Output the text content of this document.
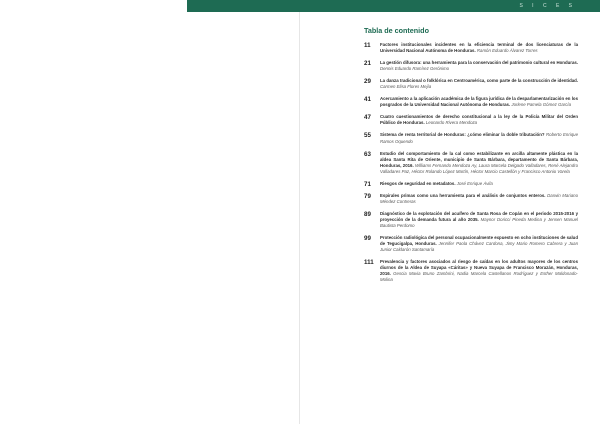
S I C E S
Tabla de contenido
11	Factores institucionales incidentes en la eficiencia terminal de dos licenciaturas de la Universidad Nacional Autónoma de Honduras. Ramón Eduardo Álvarez Torres
21	La gestión difusora: una herramienta para la conservación del patrimonio cultural en Honduras. Dennis Eduardo Ramírez Gerónimo
29	La danza tradicional o folklórica en Centroamérica, como parte de la construcción de identidad. Carmen Elisa Flores Mejía
41	Acercamiento a la aplicación académica de la figura jurídica de la desparlamentarización en los posgrados de la Universidad Nacional Autónoma de Honduras. Jorlene Pamela Gómez García
47	Cuatro cuestionamientos de derecho constitucional a la ley de la Policía Militar del Orden Público de Honduras. Leonardo Rivera Mendoza
55	Sistema de renta territorial de Honduras: ¿cómo eliminar la doble tributación? Roberto Enrique Ramos Oquendo
63	Estudio del comportamiento de la cal como estabilizante en arcilla altamente plástica en la aldea Santa Rita de Oriente, municipio de Santa Bárbara, departamento de Santa Bárbara, Honduras, 2016. Williams Fernando Mendoza Ay, Laura Marcela Delgado Valladares, René Alejandro Valladares Paz, Héctor Rolando López Martín, Héctor Marcio Castellón y Francisco Antonio Varela
71	Riesgos de seguridad en metadatos. José Enrique Ávila
79	Espirales primas como una herramienta para el análisis de conjuntos enteros. Darwin Mariano Méndez Contreras
89	Diagnóstico de la explotación del acuífero de Santa Rosa de Copán en el periodo 2015-2016 y proyección de la demanda futura al año 2035. Maynor Doricci Pineda Medina y Jensen Manuel Bautista Perdomo
99	Protección radiológica del personal ocupacionalmente expuesto en ocho instituciones de salud de Tegucigalpa, Honduras. Jennifer Paola Chávez Cardona, Jimy Mario Romero Cabrera y Juan Junior Caldarón Santamaría
111	Prevalencia y factores asociados al riesgo de caídas en los adultos mayores de los centros diurnos de la Aldea de Suyapa «Cáritas» y Nueva Suyapa de Francisco Morazán, Honduras, 2016. Gescia Mavia Bruno Zambrini, Nadia Marcela Castellanos Rodríguez y Esther Maldonado-Molina
